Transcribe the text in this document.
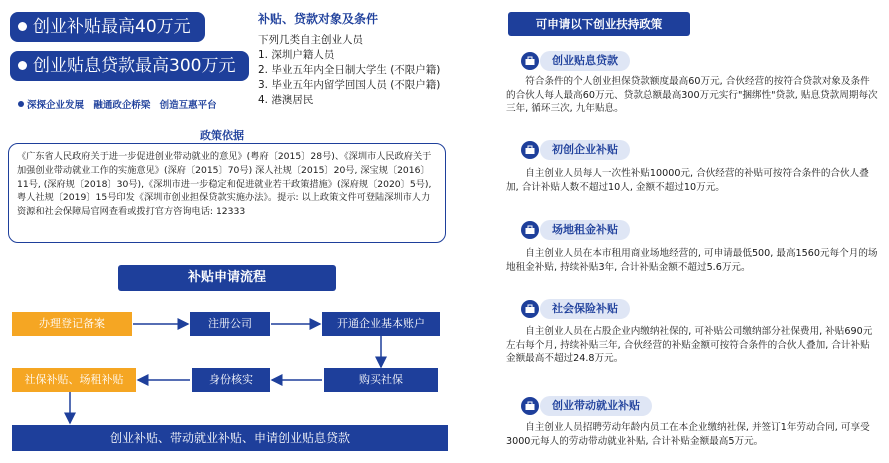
创业补贴最高40万元
创业贴息贷款最高300万元
深探企业发展 融通政企桥梁 创造互惠平台
补贴、贷款对象及条件
下列几类自主创业人员
1. 深圳户籍人员
2. 毕业五年内全日制大学生 (不限户籍)
3. 毕业五年内留学回国人员 (不限户籍)
4. 港澳居民
政策依据
《广东省人民政府关于进一步促进创业带动就业的意见》(粤府〔2015〕28号)、《深圳市人民政府关于加强创业带动就业工作的实施意见》(深府〔2015〕70号) 深人社规〔2015〕20号, 深宝规〔2016〕11号, (深府规〔2018〕30号),《深圳市进一步稳定和促进就业若干政策措施》(深府规〔2020〕5号), 粤人社规〔2019〕15号印发《深圳市创业担保贷款实施办法》。提示: 以上政策文件可登陆深圳市人力资源和社会保障局官网查看或拨打官方咨询电话: 12333
补贴申请流程
办理登记备案	注册公司	开通企业基本账户
购买社保
身份核实
社保补贴、场租补贴
创业补贴、带动就业补贴、申请创业贴息贷款
可申请以下创业扶持政策
创业贴息贷款
符合条件的个人创业担保贷款额度最高60万元, 合伙经营的按符合贷款对象及条件的合伙人每人最高60万元、贷款总额最高300万元实行"捆绑性"贷款, 贴息贷款周期每次三年, 循环三次, 九年贴息。
初创企业补贴
自主创业人员每人一次性补贴10000元, 合伙经营的补贴可按符合条件的合伙人叠加, 合计补贴人数不超过10人, 金额不超过10万元。
场地租金补贴
自主创业人员在本市租用商业场地经营的, 可申请最低500, 最高1560元每个月的场地租金补贴, 持续补贴3年, 合计补贴金额不超过5.6万元。
社会保险补贴
自主创业人员在占股企业内缴纳社保的, 可补贴公司缴纳部分社保费用, 补贴690元左右每个月, 持续补贴三年, 合伙经营的补贴金额可按符合条件的合伙人叠加, 合计补贴金额最高不超过24.8万元。
创业带动就业补贴
自主创业人员招聘劳动年龄内员工在本企业缴纳社保, 并签订1年劳动合同, 可享受3000元每人的劳动带动就业补贴, 合计补贴金额最高5万元。
